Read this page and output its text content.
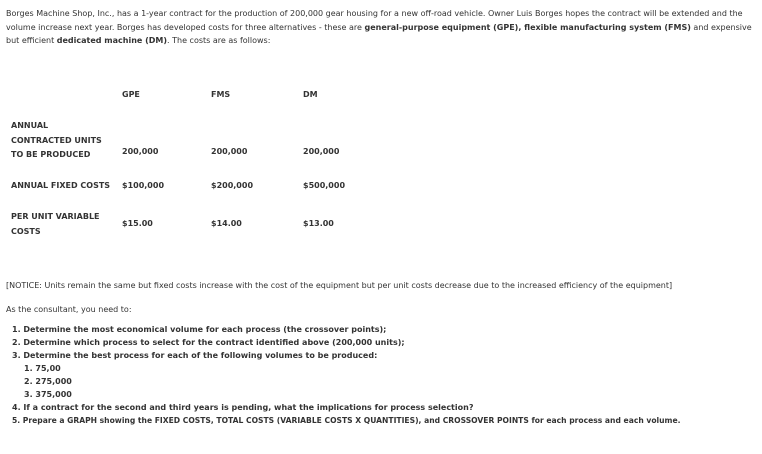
Borges Machine Shop, Inc., has a 1-year contract for the production of 200,000 gear housing for a new off-road vehicle. Owner Luis Borges hopes the contract will be extended and the volume increase next year. Borges has developed costs for three alternatives - these are general-purpose equipment (GPE), flexible manufacturing system (FMS) and expensive but efficient dedicated machine (DM). The costs are as follows:
GPE	FMS	DM
ANNUAL
CONTRACTED UNITS
TO BE PRODUCED	200,000	200,000	200,000
ANNUAL FIXED COSTS $100,000	$200,000	$500,000
PER UNIT VARIABLE
COSTS
$15.00	$14.00	$13.00
[NOTICE: Units remain the same but fixed costs increase with the cost of the equipment but per unit costs decrease due to the increased efficiency of the equipment]
As the consultant, you need to:
1. Determine the most economical volume for each process (the crossover points);
2. Determine which process to select for the contract identified above (200,000 units);
3. Determine the best process for each of the following volumes to be produced:
1. 75,00
2. 275,000
3. 375,000
4. If a contract for the second and third years is pending, what the implications for process selection?
5. Prepare a GRAPH showing the FIXED COSTS, TOTAL COSTS (VARIABLE COSTS X QUANTITIES), and CROSSOVER POINTS for each process and each volume.
